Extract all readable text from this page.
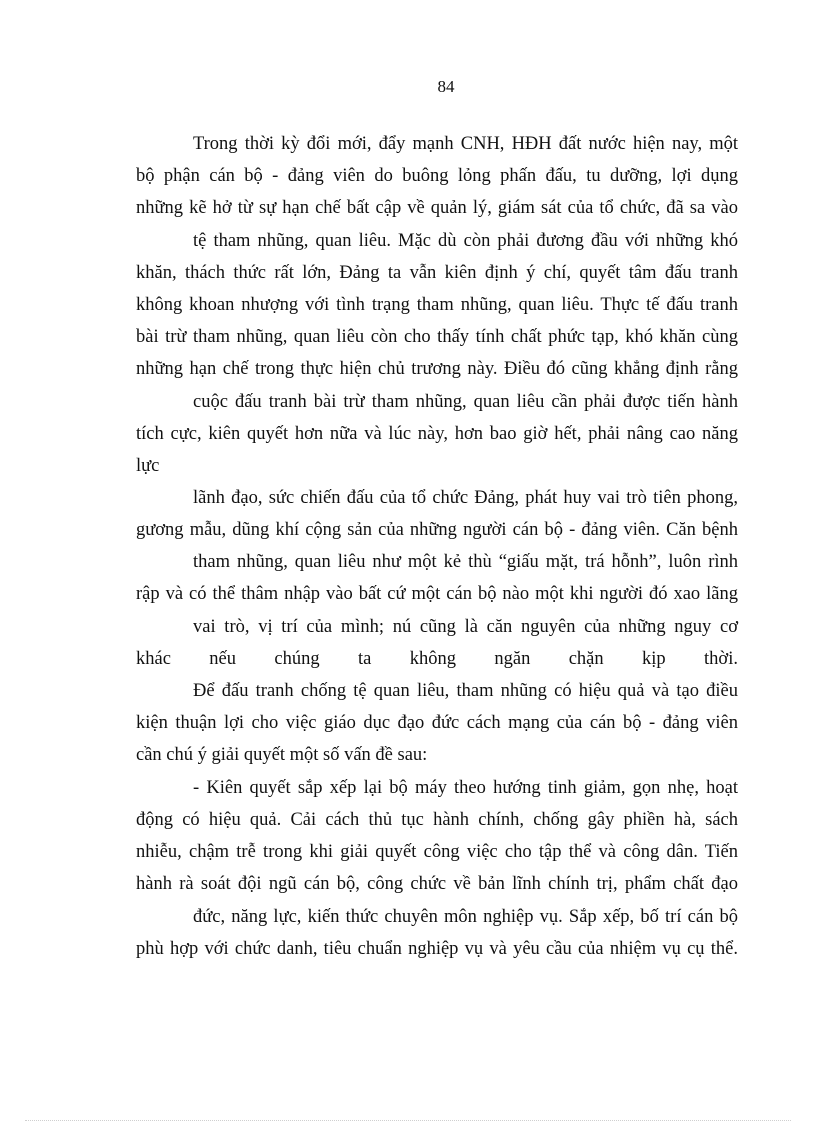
84
Trong thời kỳ đổi mới, đẩy mạnh CNH, HĐH đất nước hiện nay, một
bộ phận cán bộ - đảng viên do buông lỏng phấn đấu, tu dưỡng, lợi dụng
những kẽ hở từ sự hạn chế bất cập về quản lý, giám sát của tổ chức, đã sa vào
tệ tham nhũng, quan liêu. Mặc dù còn phải đương đầu với những khó
khăn, thách thức rất lớn, Đảng ta vẫn kiên định ý chí, quyết tâm đấu tranh
không khoan nhượng với tình trạng tham nhũng, quan liêu. Thực tế đấu tranh
bài trừ tham nhũng, quan liêu còn cho thấy tính chất phức tạp, khó khăn cùng
những hạn chế trong thực hiện chủ trương này. Điều đó cũng khẳng định rằng
cuộc đấu tranh bài trừ tham nhũng, quan liêu cần phải được tiến hành
tích cực, kiên quyết hơn nữa và lúc này, hơn bao giờ hết, phải nâng cao năng
lực
lãnh đạo, sức chiến đấu của tổ chức Đảng, phát huy vai trò tiên phong,
gương mẫu, dũng khí cộng sản của những người cán bộ - đảng viên. Căn bệnh
tham nhũng, quan liêu như một kẻ thù “giấu mặt, trá hỗnh”, luôn rình
rập và có thể thâm nhập vào bất cứ một cán bộ nào một khi người đó xao lãng
vai trò, vị trí của mình; nú cũng là căn nguyên của những nguy cơ
khác nếu chúng ta không ngăn chặn kịp thời.
Để đấu tranh chống tệ quan liêu, tham nhũng có hiệu quả và tạo điều
kiện thuận lợi cho việc giáo dục đạo đức cách mạng của cán bộ - đảng viên
cần chú ý giải quyết một số vấn đề sau:
- Kiên quyết sắp xếp lại bộ máy theo hướng tinh giảm, gọn nhẹ, hoạt
động có hiệu quả. Cải cách thủ tục hành chính, chống gây phiền hà, sách
nhiễu, chậm trễ trong khi giải quyết công việc cho tập thể và công dân. Tiến
hành rà soát đội ngũ cán bộ, công chức về bản lĩnh chính trị, phẩm chất đạo
đức, năng lực, kiến thức chuyên môn nghiệp vụ. Sắp xếp, bố trí cán bộ
phù hợp với chức danh, tiêu chuẩn nghiệp vụ và yêu cầu của nhiệm vụ cụ thể.
